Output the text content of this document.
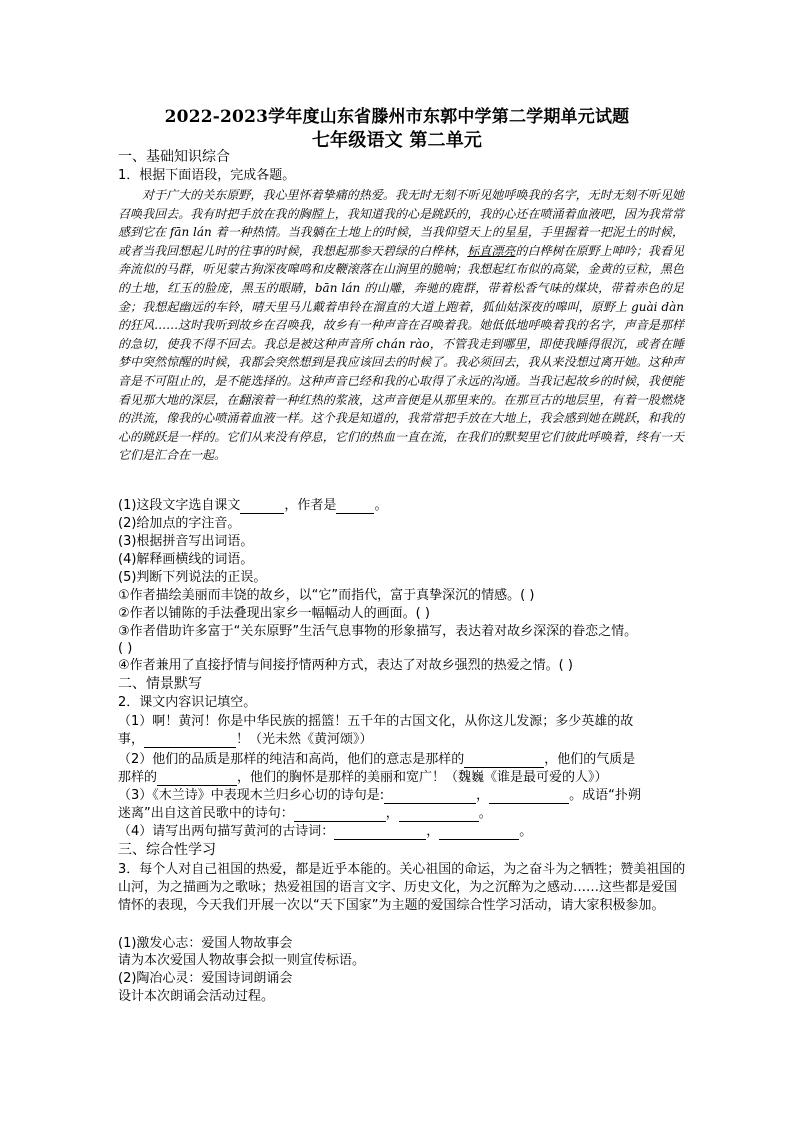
2022-2023学年度山东省滕州市东郭中学第二学期单元试题
七年级语文 第二单元
一、基础知识综合
1．根据下面语段，完成各题。
对于广大的关东原野，我心里怀着挚痛的热爱。我无时无刻不听见她呼唤我的名字，无时无刻不听见她召唤我回去。我有时把手放在我的胸膛上，我知道我的心是跳跃的，我的心还在喷涌着血液吧，因为我常常感到它在 fān lán 着一种热情。当我躺在土地上的时候，当我仰望天上的星星，手里握着一把泥土的时候，或者当我回想起儿时的往事的时候，我想起那参天碧绿的白桦林，标直漂亮的白桦树在原野上呻吟；我看见奔流似的马群，听见蒙古狗深夜嗥鸣和皮鞭滚落在山涧里的脆响；我想起红布似的高粱，金黄的豆粒，黑色的土地，红玉的脸庞，黑玉的眼睛，bān lán 的山雕，奔驰的鹿群，带着松香气味的煤块，带着赤色的足金；我想起幽远的车铃，晴天里马儿戴着串铃在溜直的大道上跑着，狐仙姑深夜的嗥叫，原野上 guài dàn 的狂风……这时我听到故乡在召唤我，故乡有一种声音在召唤着我。她低低地呼唤着我的名字，声音是那样的急切，使我不得不回去。我总是被这种声音所 chán rào，不管我走到哪里，即使我睡得很沉，或者在睡梦中突然惊醒的时候，我都会突然想到是我应该回去的时候了。我必须回去，我从来没想过离开她。这种声音是不可阻止的，是不能选择的。这种声音已经和我的心取得了永远的沟通。当我记起故乡的时候，我便能看见那大地的深层，在翻滚着一种红热的浆液，这声音便是从那里来的。在那亘古的地层里，有着一股燃烧的洪流，像我的心喷涌着血液一样。这个我是知道的，我常常把手放在大地上，我会感到她在跳跃，和我的心的跳跃是一样的。它们从来没有停息，它们的热血一直在流，在我们的默契里它们彼此呼唤着，终有一天它们是汇合在一起。
(1)这段文字选自课文	，作者是	。
(2)给加点的字注音。
(3)根据拼音写出词语。
(4)解释画横线的词语。
(5)判断下列说法的正误。
①作者描绘美丽而丰饶的故乡，以“它”而指代，富于真挚深沉的情感。( )
②作者以铺陈的手法叠现出家乡一幅幅动人的画面。( )
③作者借助许多富于“关东原野”生活气息事物的形象描写，表达着对故乡深深的眷恋之情。
( )
④作者兼用了直接抒情与间接抒情两种方式，表达了对故乡强烈的热爱之情。( )
二、情景默写
2．课文内容识记填空。
（1）啊！黄河！你是中华民族的摇篮！五千年的古国文化，从你这儿发源；多少英雄的故
事，	！（光未然《黄河颂》）
（2）他们的品质是那样的纯洁和高尚，他们的意志是那样的	，他们的气质是
那样的	，他们的胸怀是那样的美丽和宽广！（魏巍《谁是最可爱的人》）
（3）《木兰诗》中表现木兰归乡心切的诗句是:	，	。成语“扑朔
迷离”出自这首民歌中的诗句：	，	。
（4）请写出两句描写黄河的古诗词：	，	。
三、综合性学习
3．每个人对自己祖国的热爱，都是近乎本能的。关心祖国的命运，为之奋斗为之牺牲；赞美祖国的山河，为之描画为之歌咏；热爱祖国的语言文字、历史文化，为之沉醉为之感动……这些都是爱国情怀的表现，今天我们开展一次以“天下国家”为主题的爱国综合性学习活动，请大家积极参加。
(1)激发心志：爱国人物故事会
请为本次爱国人物故事会拟一则宣传标语。
(2)陶冶心灵：爱国诗词朗诵会
设计本次朗诵会活动过程。
